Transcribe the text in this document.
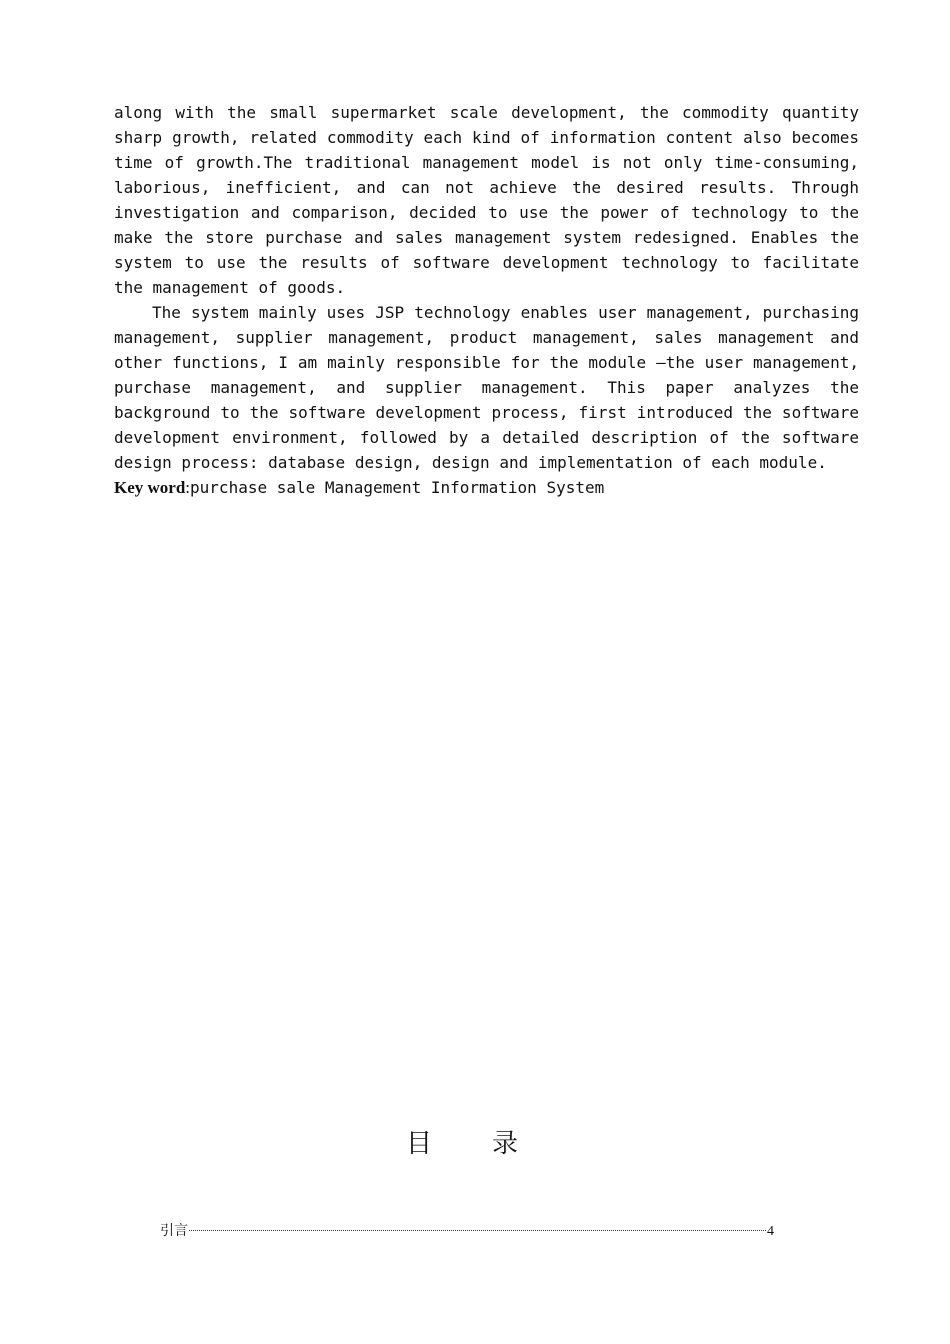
along with the small supermarket scale development, the commodity quantity sharp growth, related commodity each kind of information content also becomes time of growth.The traditional management model is not only time-consuming, laborious, inefficient, and can not achieve the desired results. Through investigation and comparison, decided to use the power of technology to the make the store purchase and sales management system redesigned. Enables the system to use the results of software development technology to facilitate the management of goods.

The system mainly uses JSP technology enables user management, purchasing management, supplier management, product management, sales management and other functions, I am mainly responsible for the module —the user management, purchase management, and supplier management. This paper analyzes the background to the software development process, first introduced the software development environment, followed by a detailed description of the software design process: database design, design and implementation of each module.

Key word:purchase sale Management Information System

目录
引言	4
